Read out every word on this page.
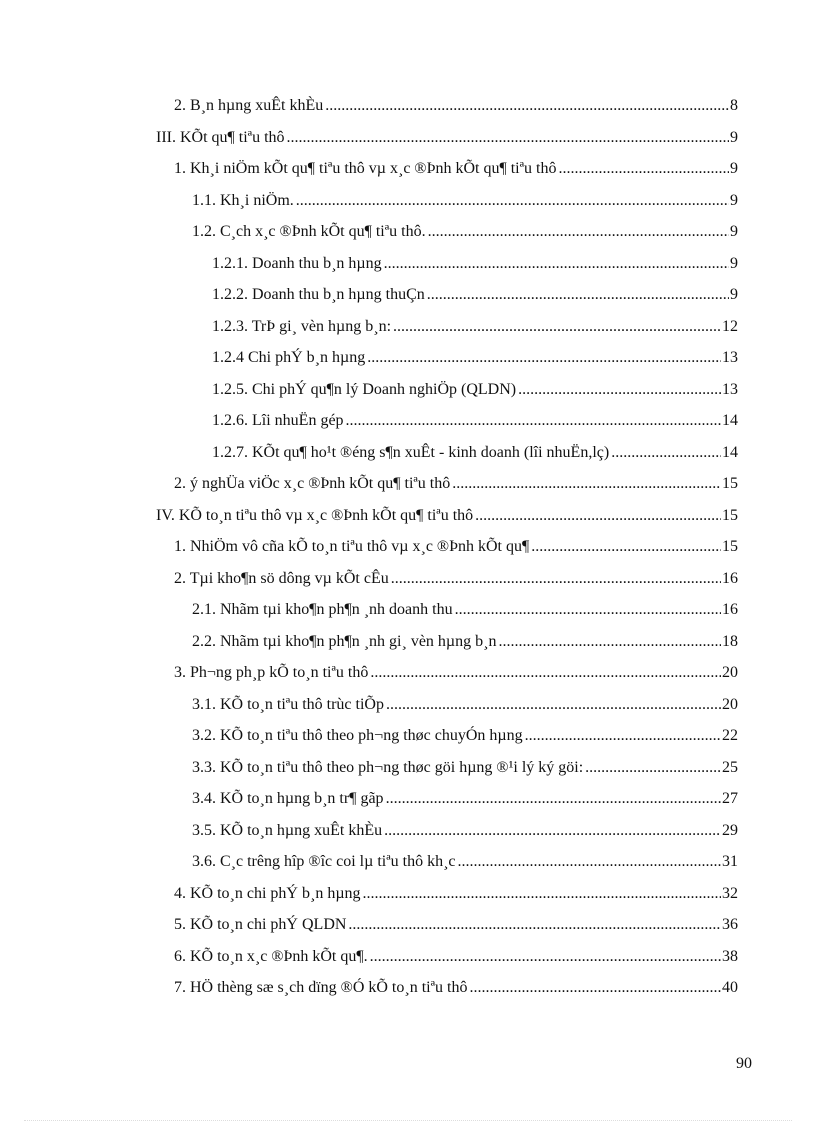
2. B¸n hµng xuÊt khÈu .....	8
III. KÕt qu¶ tiªu thô .....	9
1. Kh¸i niÖm kÕt qu¶ tiªu thô vµ x¸c ®Þnh kÕt qu¶ tiªu thô .....	9
1.1. Kh¸i niÖm. .....	9
1.2. C¸ch x¸c ®Þnh kÕt qu¶ tiªu thô. .....	9
1.2.1. Doanh thu b¸n hµng .....	9
1.2.2. Doanh thu b¸n hµng thuÇn .....	9
1.2.3. TrÞ gi¸ vèn hµng b¸n: .....	12
1.2.4 Chi phÝ b¸n hµng .....	13
1.2.5. Chi phÝ qu¶n lý Doanh nghiÖp (QLDN) .....	13
1.2.6. Lîi nhuËn gép .....	14
1.2.7. KÕt qu¶ ho¹t ®éng s¶n xuÊt - kinh doanh (lîi nhuËn,lç) .....	14
2. ý nghÜa viÖc x¸c ®Þnh kÕt qu¶ tiªu thô .....	15
IV. KÕ to¸n tiªu thô vµ x¸c ®Þnh kÕt qu¶ tiªu thô .....	15
1. NhiÖm vô cña kÕ to¸n tiªu thô vµ x¸c ®Þnh kÕt qu¶ .....	15
2. Tµi kho¶n sö dông vµ kÕt cÊu .....	16
2.1. Nhãm tµi kho¶n ph¶n ¸nh doanh thu .....	16
2.2. Nhãm tµi kho¶n ph¶n ¸nh gi¸ vèn hµng b¸n .....	18
3. Ph¬ng ph¸p kÕ to¸n tiªu thô .....	20
3.1. KÕ to¸n tiªu thô trùc tiÕp .....	20
3.2. KÕ to¸n tiªu thô theo ph¬ng thøc chuyÓn hµng .....	22
3.3. KÕ to¸n tiªu thô theo ph¬ng thøc göi hµng ®¹i lý ký göi: .....	25
3.4. KÕ to¸n hµng b¸n tr¶ gãp .....	27
3.5. KÕ to¸n hµng xuÊt khÈu .....	29
3.6. C¸c trêng hîp ®îc coi lµ tiªu thô kh¸c .....	31
4. KÕ to¸n chi phÝ b¸n hµng .....	32
5. KÕ to¸n chi phÝ QLDN .....	36
6. KÕ to¸n x¸c ®Þnh kÕt qu¶. .....	38
7. HÖ thèng sæ s¸ch dïng ®Ó kÕ to¸n tiªu thô .....	40
90
